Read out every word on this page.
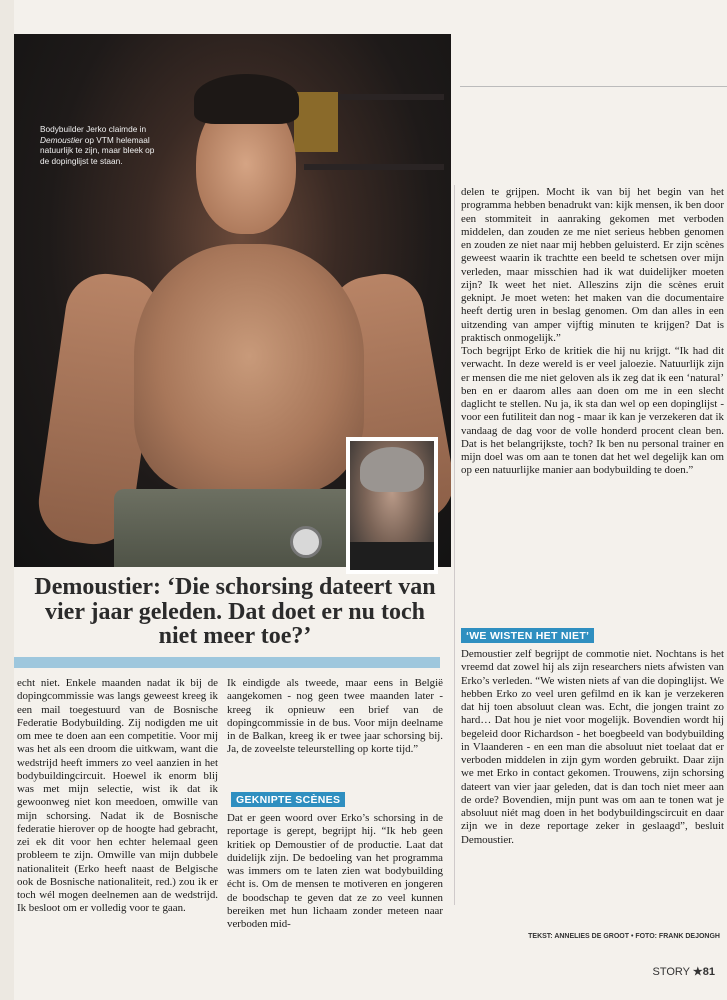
Bodybuilder Jerko claimde in Demoustier op VTM helemaal natuurlijk te zijn, maar bleek op de dopinglijst te staan.

delen te grijpen. Mocht ik van bij het begin van het programma hebben benadrukt van: kijk mensen, ik ben door een stommiteit in aanraking gekomen met verboden middelen, dan zouden ze me niet serieus hebben genomen en zouden ze niet naar mij hebben geluisterd. Er zijn scènes geweest waarin ik trachtte een beeld te schetsen over mijn verleden, maar misschien had ik wat duidelijker moeten zijn? Ik weet het niet. Alleszins zijn die scènes eruit geknipt. Je moet weten: het maken van die documentaire heeft dertig uren in beslag genomen. Om dan alles in een uitzending van amper vijftig minuten te krijgen? Dat is praktisch onmogelijk.”

Toch begrijpt Erko de kritiek die hij nu krijgt. “Ik had dit verwacht. In deze wereld is er veel jaloezie. Natuurlijk zijn er mensen die me niet geloven als ik zeg dat ik een ‘natural’ ben en er daarom alles aan doen om me in een slecht daglicht te stellen. Nu ja, ik sta dan wel op een dopinglijst - voor een futiliteit dan nog - maar ik kan je verzekeren dat ik vandaag de dag voor de volle honderd procent clean ben. Dat is het belangrijkste, toch? Ik ben nu personal trainer en mijn doel was om aan te tonen dat het wel degelijk kan om op een natuurlijke manier aan bodybuilding te doen.”

Demoustier: ‘Die schorsing dateert van vier jaar geleden. Dat doet er nu toch niet meer toe?’

echt niet. Enkele maanden nadat ik bij de dopingcommissie was langs geweest kreeg ik een mail toegestuurd van de Bosnische Federatie Bodybuilding. Zij nodigden me uit om mee te doen aan een competitie. Voor mij was het als een droom die uitkwam, want die wedstrijd heeft immers zo veel aanzien in het bodybuildingcircuit. Hoewel ik enorm blij was met mijn selectie, wist ik dat ik gewoonweg niet kon meedoen, omwille van mijn schorsing. Nadat ik de Bosnische federatie hierover op de hoogte had gebracht, zei ek dit voor hen echter helemaal geen probleem te zijn. Omwille van mijn dubbele nationaliteit (Erko heeft naast de Belgische ook de Bosnische nationaliteit, red.) zou ik er toch wél mogen deelnemen aan de wedstrijd. Ik besloot om er volledig voor te gaan.

Ik eindigde als tweede, maar eens in België aangekomen - nog geen twee maanden later - kreeg ik opnieuw een brief van de dopingcommissie in de bus. Voor mijn deelname in de Balkan, kreeg ik er twee jaar schorsing bij. Ja, de zoveelste teleurstelling op korte tijd.”

GEKNIPTE SCÈNES

Dat er geen woord over Erko’s schorsing in de reportage is gerept, begrijpt hij. “Ik heb geen kritiek op Demoustier of de productie. Laat dat duidelijk zijn. De bedoeling van het programma was immers om te laten zien wat bodybuilding écht is. Om de mensen te motiveren en jongeren de boodschap te geven dat ze zo veel kunnen bereiken met hun lichaam zonder meteen naar verboden mid-

‘WE WISTEN HET NIET’

Demoustier zelf begrijpt de commotie niet. Nochtans is het vreemd dat zowel hij als zijn researchers niets afwisten van Erko’s verleden. “We wisten niets af van die dopinglijst. We hebben Erko zo veel uren gefilmd en ik kan je verzekeren dat hij toen absoluut clean was. Echt, die jongen traint zo hard… Dat hou je niet voor mogelijk. Bovendien wordt hij begeleid door Richardson - het boegbeeld van bodybuilding in Vlaanderen - en een man die absoluut niet toelaat dat er verboden middelen in zijn gym worden gebruikt. Daar zijn we met Erko in contact gekomen. Trouwens, zijn schorsing dateert van vier jaar geleden, dat is dan toch niet meer aan de orde? Bovendien, mijn punt was om aan te tonen wat je absoluut niét mag doen in het bodybuildingscircuit en daar zijn we in deze reportage zeker in geslaagd”, besluit Demoustier.

TEKST: ANNELIES DE GROOT • FOTO: FRANK DEJONGH
STORY ★81
